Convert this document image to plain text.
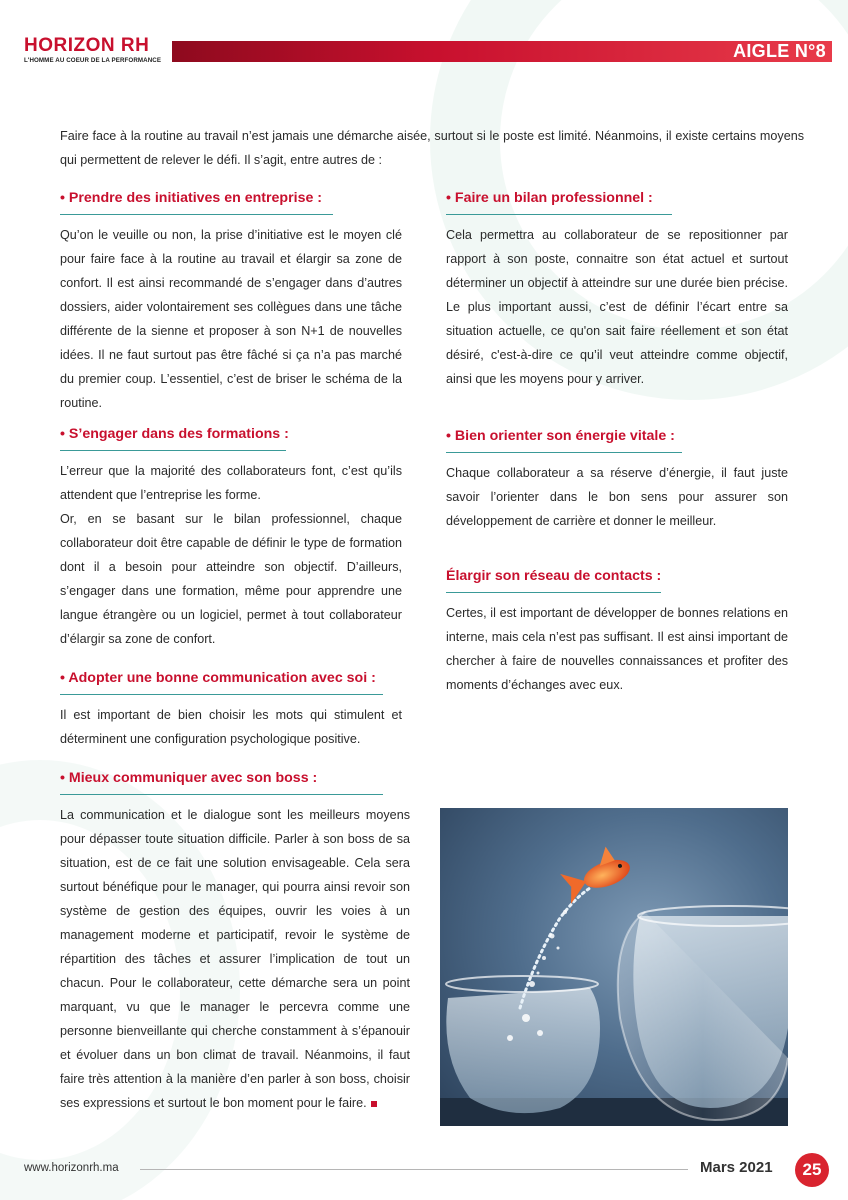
HORIZON RH
L'HOMME AU COEUR DE LA PERFORMANCE	AIGLE N°8
Faire face à la routine au travail n’est jamais une démarche aisée, surtout si le poste est limité. Néanmoins, il existe certains moyens qui permettent de relever le défi. Il s’agit, entre autres de :
• Prendre des initiatives en entreprise :
Qu’on le veuille ou non, la prise d’initiative est le moyen clé pour faire face à la routine au travail et élargir sa zone de confort. Il est ainsi recommandé de s’engager dans d’autres dossiers, aider volontairement ses collègues dans une tâche différente de la sienne et proposer à son N+1 de nouvelles idées. Il ne faut surtout pas être fâché si ça n’a pas marché du premier coup. L’essentiel, c’est de briser le schéma de la routine.
• S’engager dans des formations :
L’erreur que la majorité des collaborateurs font, c’est qu’ils attendent que l’entreprise les forme.
Or, en se basant sur le bilan professionnel, chaque collaborateur doit être capable de définir le type de formation dont il a besoin pour atteindre son objectif. D’ailleurs, s’engager dans une formation, même pour apprendre une langue étrangère ou un logiciel, permet à tout collaborateur d’élargir sa zone de confort.
• Adopter une bonne communication avec soi :
Il est important de bien choisir les mots qui stimulent et déterminent une configuration psychologique positive.
• Mieux communiquer avec son boss :
La communication et le dialogue sont les meilleurs moyens pour dépasser toute situation difficile. Parler à son boss de sa situation, est de ce fait une solution envisageable. Cela sera surtout bénéfique pour le manager, qui pourra ainsi revoir son système de gestion des équipes, ouvrir les voies à un management moderne et participatif, revoir le système de répartition des tâches et assurer l’implication de tout un chacun. Pour le collaborateur, cette démarche sera un point marquant, vu que le manager le percevra comme une personne bienveillante qui cherche constamment à s’épanouir et évoluer dans un bon climat de travail. Néanmoins, il faut faire très attention à la manière d’en parler à son boss, choisir ses expressions et surtout le bon moment pour le faire.
• Faire un bilan professionnel :
Cela permettra au collaborateur de se repositionner par rapport à son poste, connaitre son état actuel et surtout déterminer un objectif à atteindre sur une durée bien précise. Le plus important aussi, c’est de définir l’écart entre sa situation actuelle, ce qu'on sait faire réellement et son état désiré, c'est-à-dire ce qu’il veut atteindre comme objectif, ainsi que les moyens pour y arriver.
• Bien orienter son énergie vitale :
Chaque collaborateur a sa réserve d’énergie, il faut juste savoir l’orienter dans le bon sens pour assurer son développement de carrière et donner le meilleur.
Élargir son réseau de contacts :
Certes, il est important de développer de bonnes relations en interne, mais cela n’est pas suffisant. Il est ainsi important de chercher à faire de nouvelles connaissances et profiter des moments d’échanges avec eux.
www.horizonrh.ma	Mars 2021	25
